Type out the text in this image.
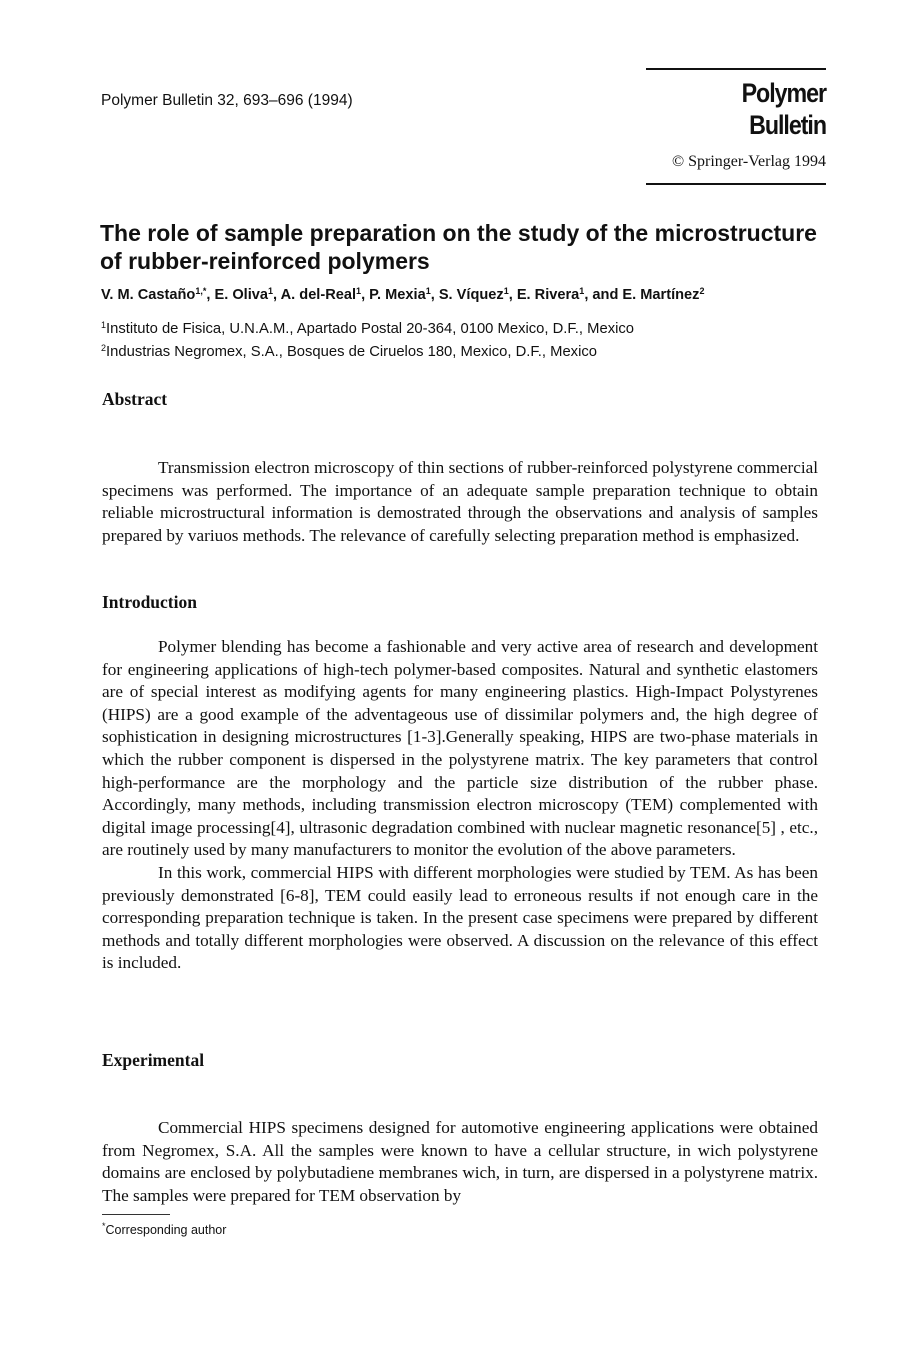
Polymer Bulletin 32, 693–696 (1994)	Polymer Bulletin
© Springer-Verlag 1994
The role of sample preparation on the study of the microstructure of rubber-reinforced polymers
V. M. Castaño$^{1,*}$, E. Oliva$^1$, A. del-Real$^1$, P. Mexia$^1$, S. Víquez$^1$, E. Rivera$^1$, and E. Martínez$^2$
$^1$Instituto de Fisica, U.N.A.M., Apartado Postal 20-364, 0100 Mexico, D.F., Mexico
$^2$Industrias Negromex, S.A., Bosques de Ciruelos 180, Mexico, D.F., Mexico
Abstract

Transmission electron microscopy of thin sections of rubber-reinforced polystyrene commercial specimens was performed. The importance of an adequate sample preparation technique to obtain reliable microstructural information is demostrated through the observations and analysis of samples prepared by variuos methods. The relevance of carefully selecting preparation method is emphasized.

Introduction

Polymer blending has become a fashionable and very active area of research and development for engineering applications of high-tech polymer-based composites. Natural and synthetic elastomers are of special interest as modifying agents for many engineering plastics. High-Impact Polystyrenes (HIPS) are a good example of the adventageous use of dissimilar polymers and, the high degree of sophistication in designing microstructures [1-3].Generally speaking, HIPS are two-phase materials in which the rubber component is dispersed in the polystyrene matrix. The key parameters that control high-performance are the morphology and the particle size distribution of the rubber phase. Accordingly, many methods, including transmission electron microscopy (TEM) complemented with digital image processing[4], ultrasonic degradation combined with nuclear magnetic resonance[5] , etc., are routinely used by many manufacturers to monitor the evolution of the above parameters.

In this work, commercial HIPS with different morphologies were studied by TEM. As has been previously demonstrated [6-8], TEM could easily lead to erroneous results if not enough care in the corresponding preparation technique is taken. In the present case specimens were prepared by different methods and totally different morphologies were observed. A discussion on the relevance of this effect is included.

Experimental

Commercial HIPS specimens designed for automotive engineering applications were obtained from Negromex, S.A. All the samples were known to have a cellular structure, in wich polystyrene domains are enclosed by polybutadiene membranes wich, in turn, are dispersed in a polystyrene matrix. The samples were prepared for TEM observation by

*Corresponding author
